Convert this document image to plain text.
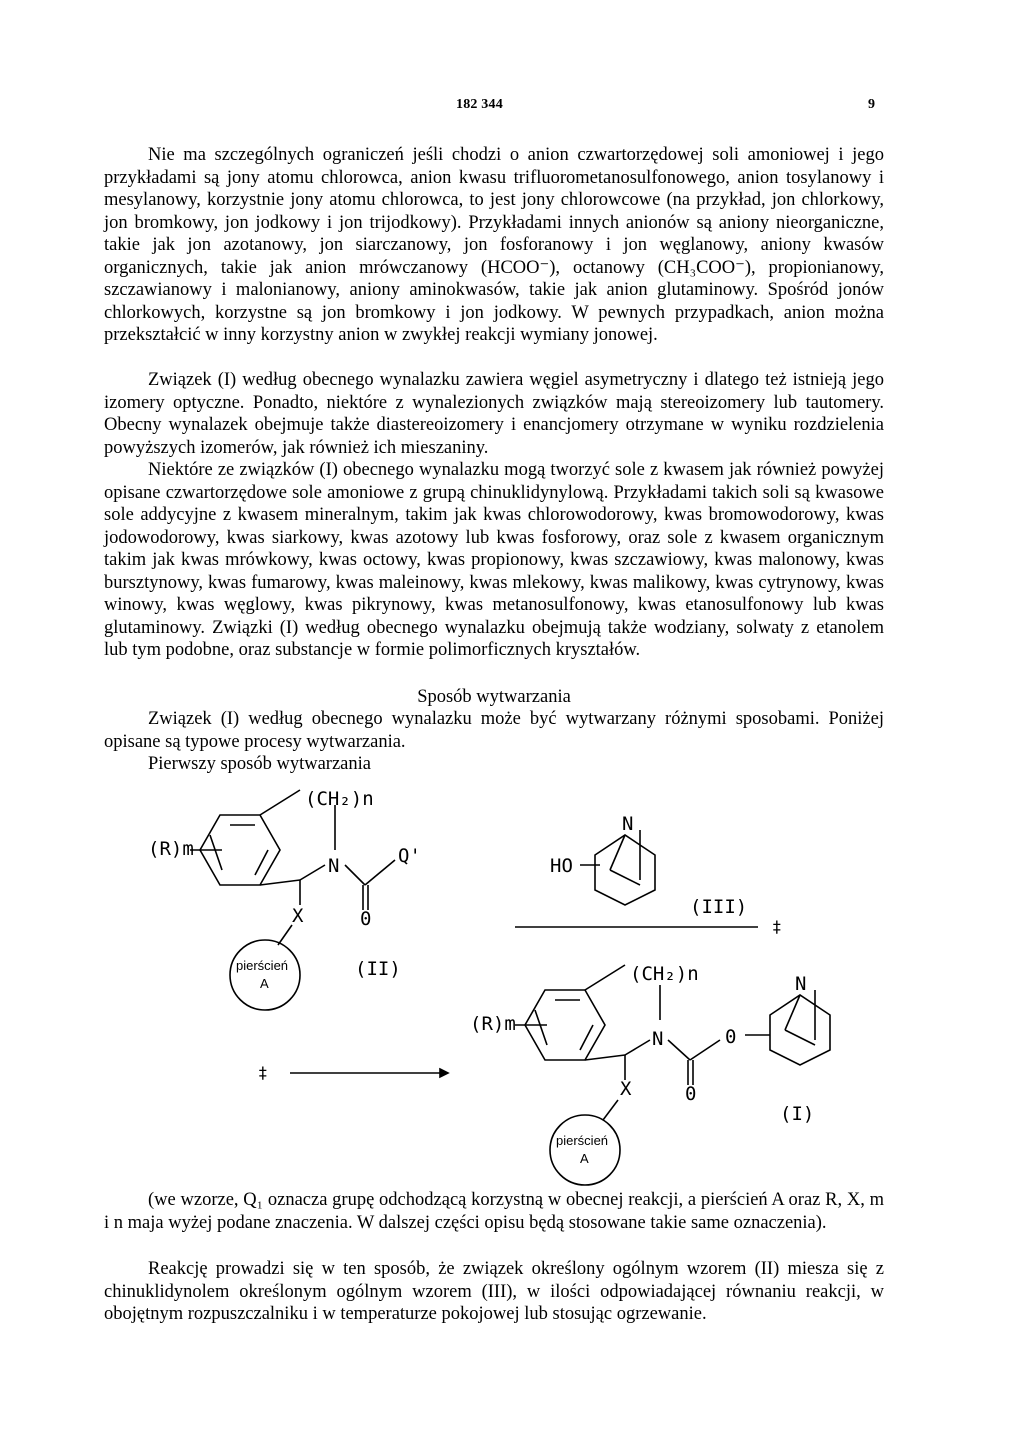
182 344	9

Nie ma szczególnych ograniczeń jeśli chodzi o anion czwartorzędowej soli amoniowej i jego przykładami są jony atomu chlorowca, anion kwasu trifluorometanosulfonowego, anion tosylanowy i mesylanowy, korzystnie jony atomu chlorowca, to jest jony chlorowcowe (na przykład, jon chlorkowy, jon bromkowy, jon jodkowy i jon trijodkowy). Przykładami innych anionów są aniony nieorganiczne, takie jak jon azotanowy, jon siarczanowy, jon fosforanowy i jon węglanowy, aniony kwasów organicznych, takie jak anion mrówczanowy (HCOO⁻), octanowy (CH₃COO⁻), propionianowy, szczawianowy i malonianowy, aniony aminokwasów, takie jak anion glutaminowy. Spośród jonów chlorkowych, korzystne są jon bromkowy i jon jodkowy. W pewnych przypadkach, anion można przekształcić w inny korzystny anion w zwykłej reakcji wymiany jonowej.

Związek (I) według obecnego wynalazku zawiera węgiel asymetryczny i dlatego też istnieją jego izomery optyczne. Ponadto, niektóre z wynalezionych związków mają stereoizomery lub tautomery. Obecny wynalazek obejmuje także diastereoizomery i enancjomery otrzymane w wyniku rozdzielenia powyższych izomerów, jak również ich mieszaniny.

Niektóre ze związków (I) obecnego wynalazku mogą tworzyć sole z kwasem jak również powyżej opisane czwartorzędowe sole amoniowe z grupą chinuklidynylową. Przykładami takich soli są kwasowe sole addycyjne z kwasem mineralnym, takim jak kwas chlorowodorowy, kwas bromowodorowy, kwas jodowodorowy, kwas siarkowy, kwas azotowy lub kwas fosforowy, oraz sole z kwasem organicznym takim jak kwas mrówkowy, kwas octowy, kwas propionowy, kwas szczawiowy, kwas malonowy, kwas bursztynowy, kwas fumarowy, kwas maleinowy, kwas mlekowy, kwas malikowy, kwas cytrynowy, kwas winowy, kwas węglowy, kwas pikrynowy, kwas metanosulfonowy, kwas etanosulfonowy lub kwas glutaminowy. Związki (I) według obecnego wynalazku obejmują także wodziany, solwaty z etanolem lub tym podobne, oraz substancje w formie polimorficznych kryształów.

Sposób wytwarzania

Związek (I) według obecnego wynalazku może być wytwarzany różnymi sposobami. Poniżej opisane są typowe procesy wytwarzania.

Pierwszy sposób wytwarzania

(CH₂)n
(R)m
N	Q'
X	0
pierścień
A
(II)
HO
N
(III)
‡
‡
(CH₂)n
(R)m
N	0
N
X	0
pierścień
A
(I)

(we wzorze, Q₁ oznacza grupę odchodzącą korzystną w obecnej reakcji, a pierścień A oraz R, X, m i n maja wyżej podane znaczenia. W dalszej części opisu będą stosowane takie same oznaczenia).

Reakcję prowadzi się w ten sposób, że związek określony ogólnym wzorem (II) miesza się z chinuklidynolem określonym ogólnym wzorem (III), w ilości odpowiadającej równaniu reakcji, w obojętnym rozpuszczalniku i w temperaturze pokojowej lub stosując ogrzewanie.
